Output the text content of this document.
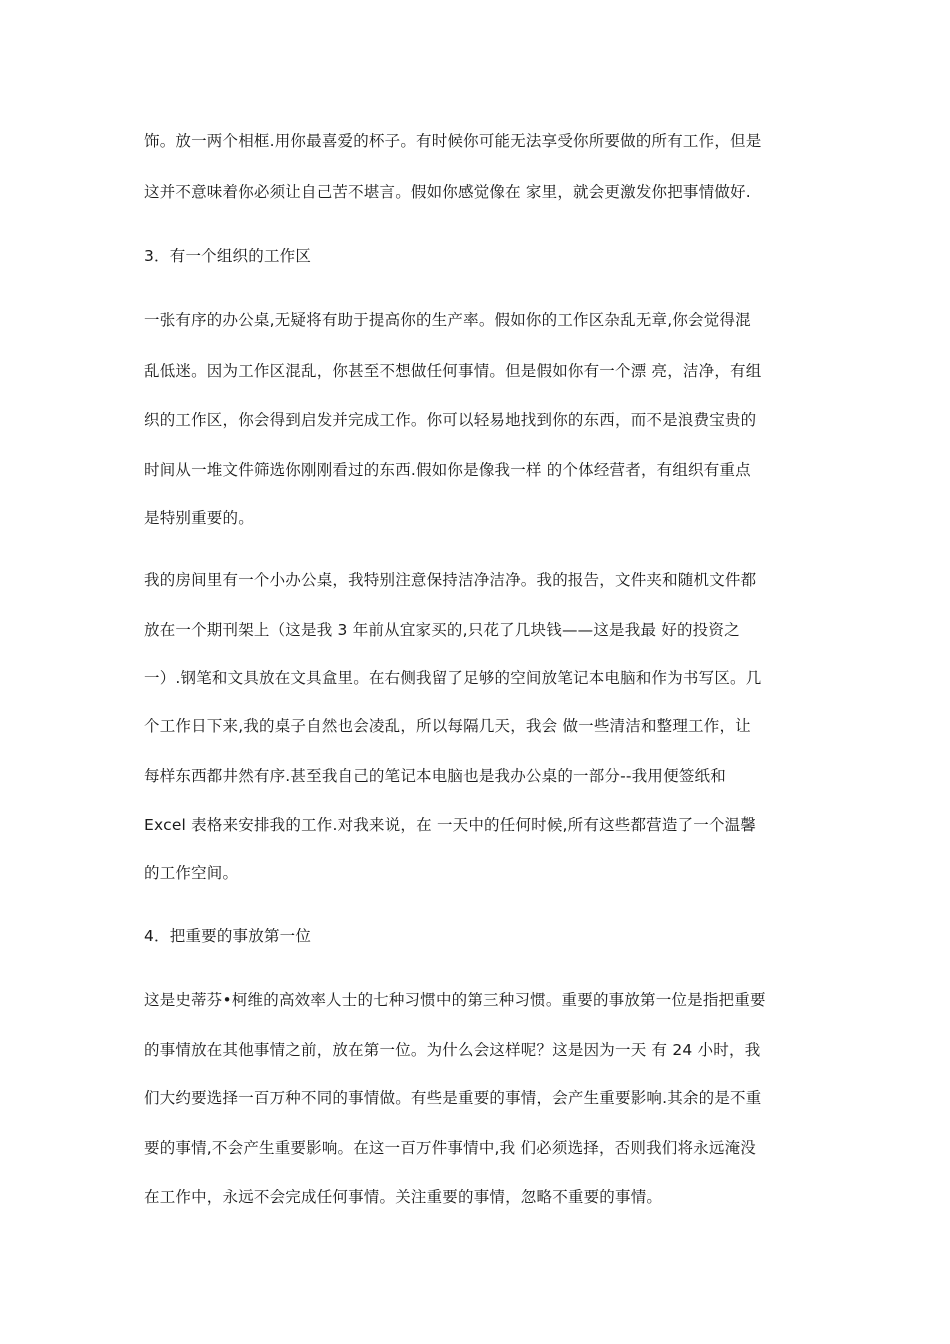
饰。放一两个相框.用你最喜爱的杯子。有时候你可能无法享受你所要做的所有工作，但是
这并不意味着你必须让自己苦不堪言。假如你感觉像在 家里，就会更激发你把事情做好.
3．有一个组织的工作区
一张有序的办公桌,无疑将有助于提高你的生产率。假如你的工作区杂乱无章,你会觉得混
乱低迷。因为工作区混乱，你甚至不想做任何事情。但是假如你有一个漂 亮，洁净，有组
织的工作区，你会得到启发并完成工作。你可以轻易地找到你的东西，而不是浪费宝贵的
时间从一堆文件筛选你刚刚看过的东西.假如你是像我一样 的个体经营者，有组织有重点
是特别重要的。
我的房间里有一个小办公桌，我特别注意保持洁净洁净。我的报告，文件夹和随机文件都
放在一个期刊架上（这是我 3 年前从宜家买的,只花了几块钱——这是我最 好的投资之
一）.钢笔和文具放在文具盒里。在右侧我留了足够的空间放笔记本电脑和作为书写区。几
个工作日下来,我的桌子自然也会凌乱，所以每隔几天，我会 做一些清洁和整理工作，让
每样东西都井然有序.甚至我自己的笔记本电脑也是我办公桌的一部分--我用便签纸和
Excel 表格来安排我的工作.对我来说，在 一天中的任何时候,所有这些都营造了一个温馨
的工作空间。
4．把重要的事放第一位
这是史蒂芬•柯维的高效率人士的七种习惯中的第三种习惯。重要的事放第一位是指把重要
的事情放在其他事情之前，放在第一位。为什么会这样呢？这是因为一天 有 24 小时，我
们大约要选择一百万种不同的事情做。有些是重要的事情，会产生重要影响.其余的是不重
要的事情,不会产生重要影响。在这一百万件事情中,我 们必须选择，否则我们将永远淹没
在工作中，永远不会完成任何事情。关注重要的事情，忽略不重要的事情。
